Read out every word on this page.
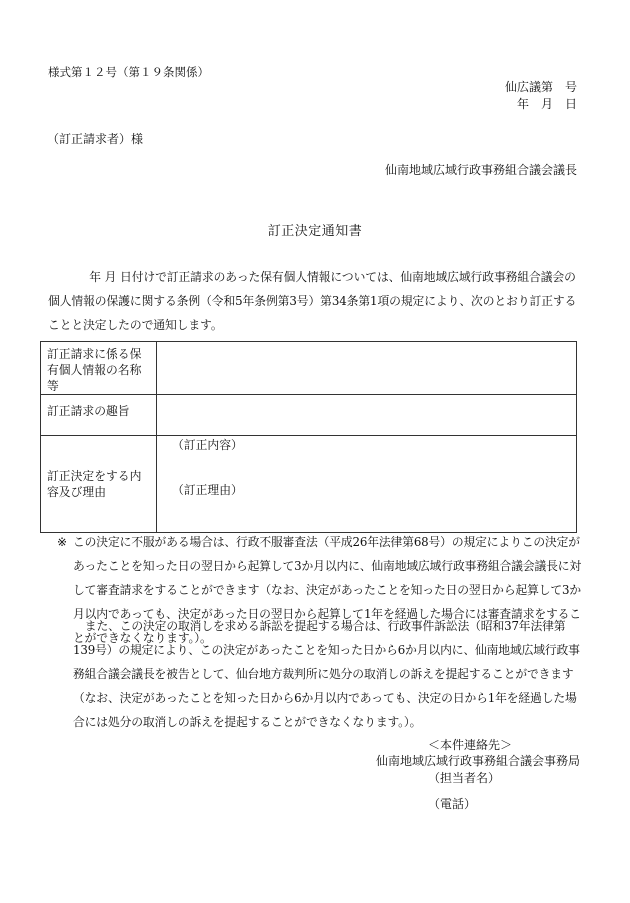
様式第１２号（第１９条関係）
仙広議第　号
年　月　日
（訂正請求者）様
仙南地域広域行政事務組合議会議長
訂正決定通知書
年 月 日付けで訂正請求のあった保有個人情報については、仙南地域広域行政事務組合議会の個人情報の保護に関する条例（令和5年条例第3号）第34条第1項の規定により、次のとおり訂正することと決定したので通知します。
訂正請求に係る保有個人情報の名称等	
訂正請求の趣旨	
訂正決定をする内容及び理由	（訂正内容）
（訂正理由）
※ この決定に不服がある場合は、行政不服審査法（平成26年法律第68号）の規定によりこの決定があったことを知った日の翌日から起算して3か月以内に、仙南地域広域行政事務組合議会議長に対して審査請求をすることができます（なお、決定があったことを知った日の翌日から起算して3か月以内であっても、決定があった日の翌日から起算して1年を経過した場合には審査請求をすることができなくなります。）。
また、この決定の取消しを求める訴訟を提起する場合は、行政事件訴訟法（昭和37年法律第139号）の規定により、この決定があったことを知った日から6か月以内に、仙南地域広域行政事務組合議会議長を被告として、仙台地方裁判所に処分の取消しの訴えを提起することができます（なお、決定があったことを知った日から6か月以内であっても、決定の日から1年を経過した場合には処分の取消しの訴えを提起することができなくなります。）。
＜本件連絡先＞
仙南地域広域行政事務組合議会事務局
（担当者名）
（電話）
